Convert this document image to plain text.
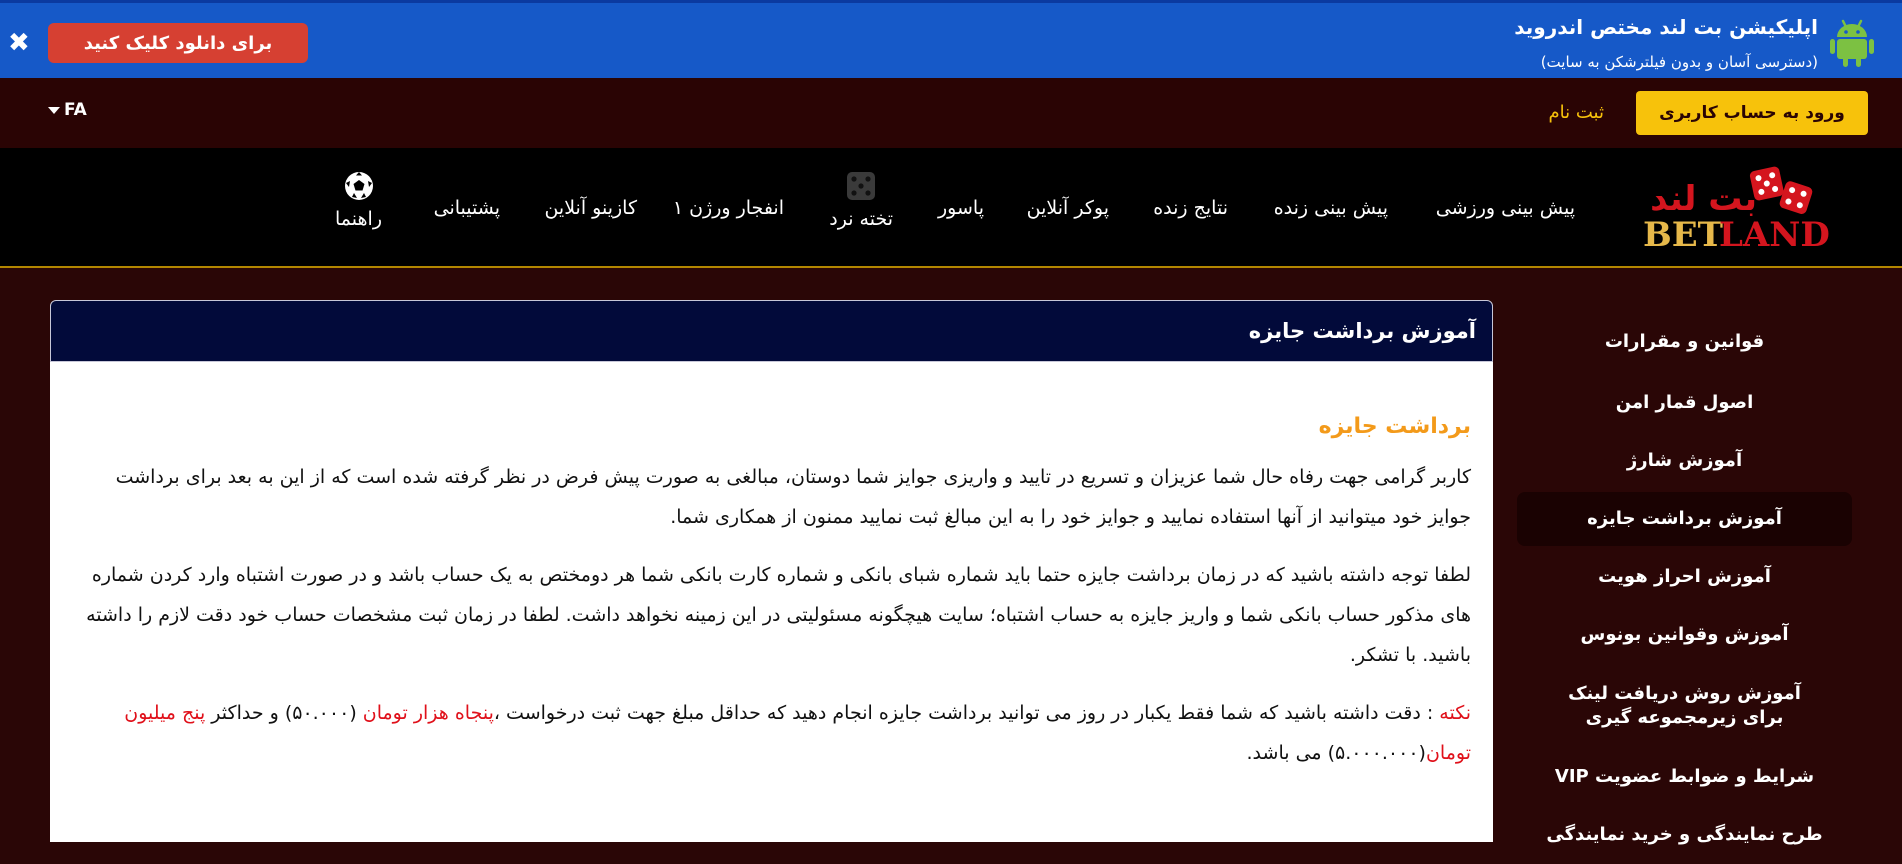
اپلیکیشن بت لند مختص اندروید
(دسترسی آسان و بدون فیلترشکن به سایت)
برای دانلود کلیک کنید
✖
ورود به حساب کاربری
ثبت نام
FA
بت لند
BET
LAND
پیش بینی ورزشی
پیش بینی زنده
نتایج زنده
پوکر آنلاین
پاسور
تخته نرد
انفجار ورژن ۱
کازینو آنلاین
پشتیبانی
راهنما
قوانین و مقرارات
اصول قمار امن
آموزش شارژ
آموزش برداشت جایزه
آموزش احراز هویت
آموزش وقوانین بونوس
آموزش روش دریافت لینک برای زیرمجموعه گیری
شرایط و ضوابط عضویت VIP
طرح نمایندگی و خرید نمایندگی
آموزش برداشت جایزه
برداشت جایزه

کاربر گرامی جهت رفاه حال شما عزیزان و تسریع در تایید و واریزی جوایز شما دوستان، مبالغی به صورت پیش فرض در نظر گرفته شده است که از این به بعد برای برداشت جوایز خود میتوانید از آنها استفاده نمایید و جوایز خود را به این مبالغ ثبت نمایید ممنون از همکاری شما.

لطفا توجه داشته باشید که در زمان برداشت جایزه حتما باید شماره شبای بانکی و شماره کارت بانکی شما هر دومختص به یک حساب باشد و در صورت اشتباه وارد کردن شماره های مذکور حساب بانکی شما و واریز جایزه به حساب اشتباه؛ سایت هیچگونه مسئولیتی در این زمینه نخواهد داشت. لطفا در زمان ثبت مشخصات حساب خود دقت لازم را داشته باشید. با تشکر.

نکته : دقت داشته باشید که شما فقط یکبار در روز می توانید برداشت جایزه انجام دهید که حداقل مبلغ جهت ثبت درخواست ،پنجاه هزار تومان (۵۰.۰۰۰) و حداکثر پنج میلیون تومان(۵.۰۰۰.۰۰۰) می باشد.
